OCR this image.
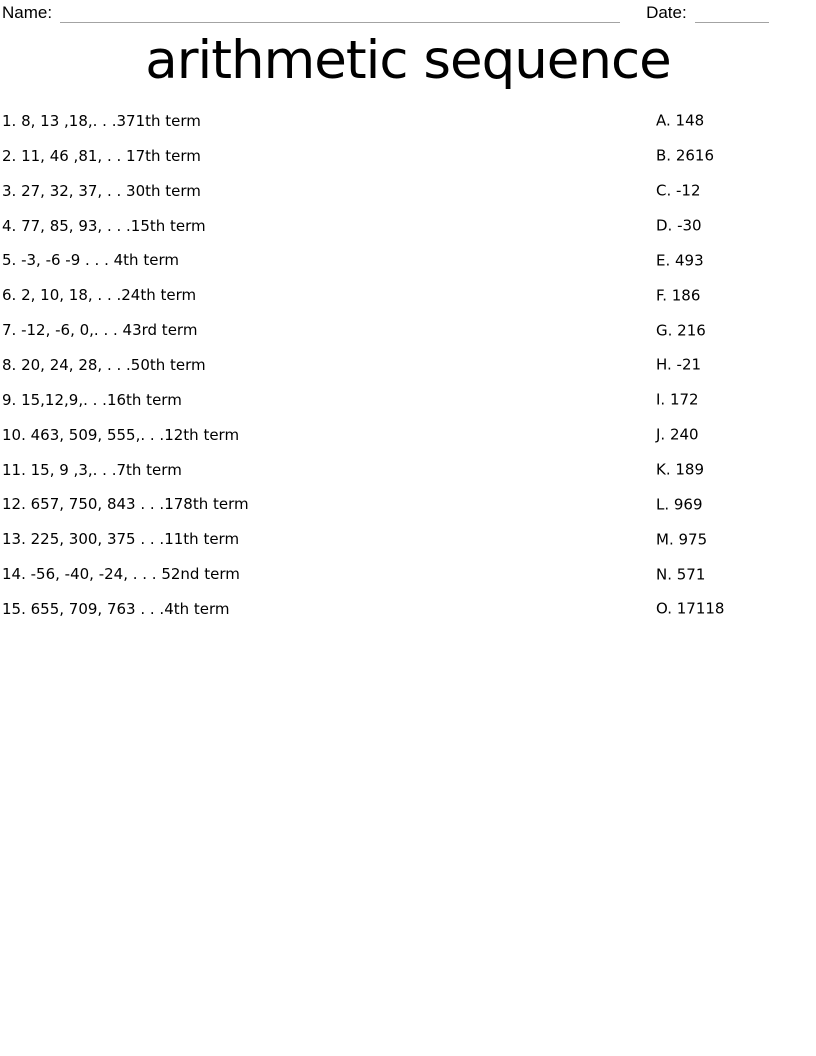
Name:	Date:
arithmetic sequence
1. 8, 13 ,18,. . .371th term	A. 148
2. 11, 46 ,81, . . 17th term	B. 2616
3. 27, 32, 37, . . 30th term	C. -12
4. 77, 85, 93, . . .15th term	D. -30
5. -3, -6 -9 . . . 4th term	E. 493
6. 2, 10, 18, . . .24th term	F. 186
7. -12, -6, 0,. . . 43rd term	G. 216
8. 20, 24, 28, . . .50th term	H. -21
9. 15,12,9,. . .16th term	I. 172
10. 463, 509, 555,. . .12th term	J. 240
11. 15, 9 ,3,. . .7th term	K. 189
12. 657, 750, 843 . . .178th term	L. 969
13. 225, 300, 375 . . .11th term	M. 975
14. -56, -40, -24, . . . 52nd term	N. 571
15. 655, 709, 763 . . .4th term	O. 17118
